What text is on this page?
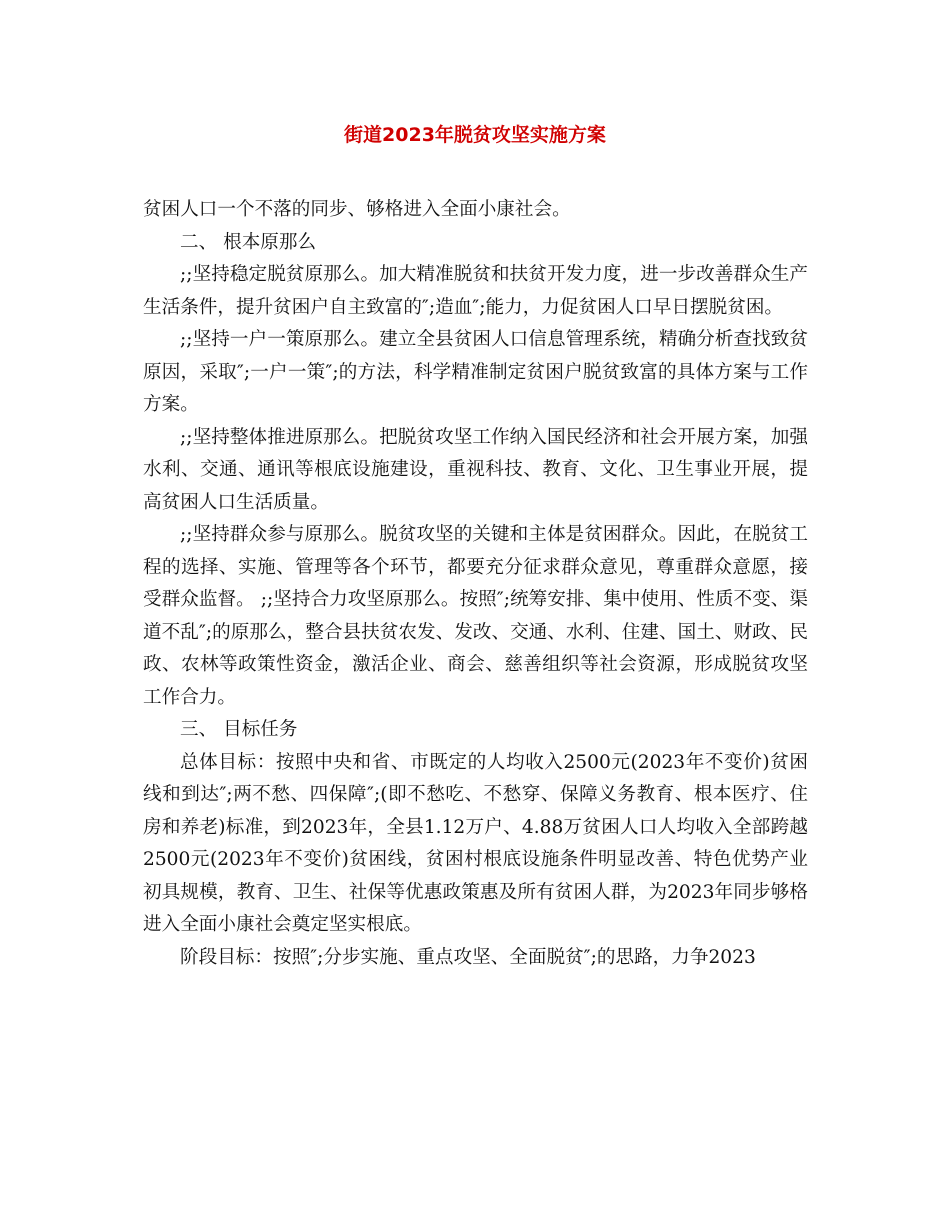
街道2023年脱贫攻坚实施方案

贫困人口一个不落的同步、够格进入全面小康社会。

二、 根本原那么

;;坚持稳定脱贫原那么。加大精准脱贫和扶贫开发力度，进一步改善群众生产生活条件，提升贫困户自主致富的″;造血″;能力，力促贫困人口早日摆脱贫困。

;;坚持一户一策原那么。建立全县贫困人口信息管理系统，精确分析查找致贫原因，采取″;一户一策″;的方法，科学精准制定贫困户脱贫致富的具体方案与工作方案。

;;坚持整体推进原那么。把脱贫攻坚工作纳入国民经济和社会开展方案，加强水利、交通、通讯等根底设施建设，重视科技、教育、文化、卫生事业开展，提高贫困人口生活质量。

;;坚持群众参与原那么。脱贫攻坚的关键和主体是贫困群众。因此，在脱贫工程的选择、实施、管理等各个环节，都要充分征求群众意见，尊重群众意愿，接受群众监督。 ;;坚持合力攻坚原那么。按照″;统筹安排、集中使用、性质不变、渠道不乱″;的原那么，整合县扶贫农发、发改、交通、水利、住建、国土、财政、民政、农林等政策性资金，激活企业、商会、慈善组织等社会资源，形成脱贫攻坚工作合力。

三、 目标任务

总体目标：按照中央和省、市既定的人均收入2500元(2023年不变价)贫困线和到达″;两不愁、四保障″;(即不愁吃、不愁穿、保障义务教育、根本医疗、住房和养老)标准，到2023年，全县1.12万户、4.88万贫困人口人均收入全部跨越2500元(2023年不变价)贫困线，贫困村根底设施条件明显改善、特色优势产业初具规模，教育、卫生、社保等优惠政策惠及所有贫困人群，为2023年同步够格进入全面小康社会奠定坚实根底。

阶段目标：按照″;分步实施、重点攻坚、全面脱贫″;的思路，力争2023
